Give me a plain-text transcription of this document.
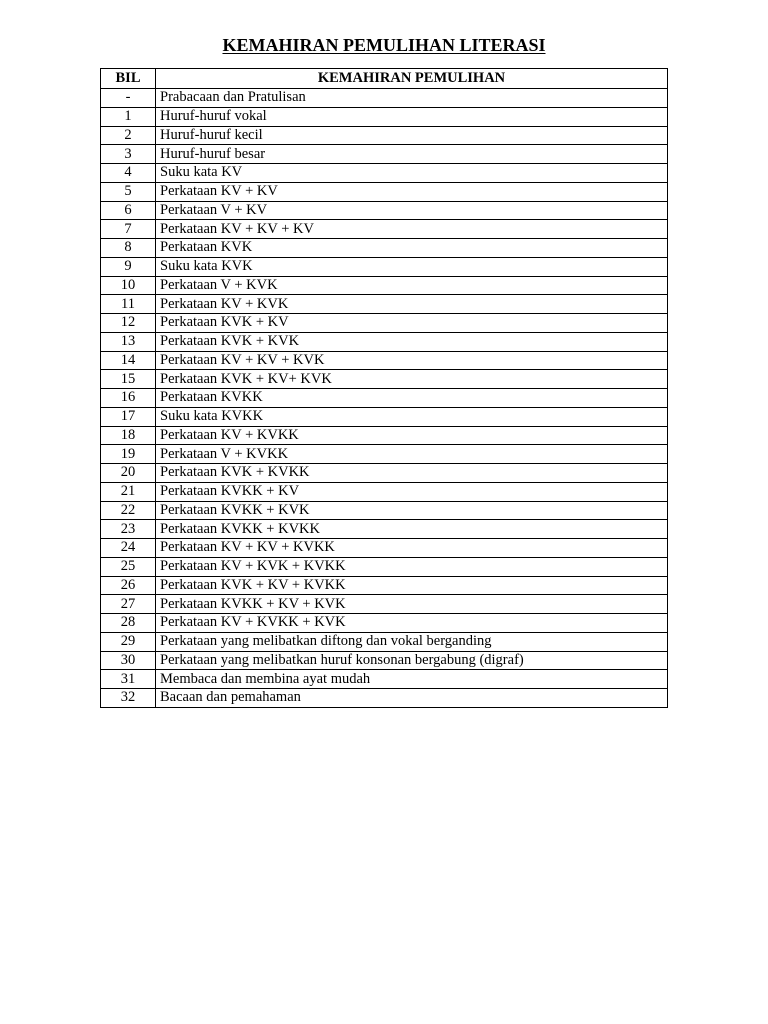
KEMAHIRAN PEMULIHAN LITERASI
BIL	KEMAHIRAN PEMULIHAN
-	Prabacaan dan Pratulisan
1	Huruf-huruf vokal
2	Huruf-huruf kecil
3	Huruf-huruf besar
4	Suku kata KV
5	Perkataan KV + KV
6	Perkataan V + KV
7	Perkataan KV + KV + KV
8	Perkataan KVK
9	Suku kata KVK
10	Perkataan V + KVK
11	Perkataan KV + KVK
12	Perkataan KVK + KV
13	Perkataan KVK + KVK
14	Perkataan KV + KV + KVK
15	Perkataan KVK + KV+ KVK
16	Perkataan KVKK
17	Suku kata KVKK
18	Perkataan KV + KVKK
19	Perkataan V + KVKK
20	Perkataan KVK + KVKK
21	Perkataan KVKK + KV
22	Perkataan KVKK + KVK
23	Perkataan KVKK + KVKK
24	Perkataan KV + KV + KVKK
25	Perkataan KV + KVK + KVKK
26	Perkataan KVK + KV + KVKK
27	Perkataan KVKK + KV + KVK
28	Perkataan KV + KVKK + KVK
29	Perkataan yang melibatkan diftong dan vokal berganding
30	Perkataan yang melibatkan huruf konsonan bergabung (digraf)
31	Membaca dan membina ayat mudah
32	Bacaan dan pemahaman
